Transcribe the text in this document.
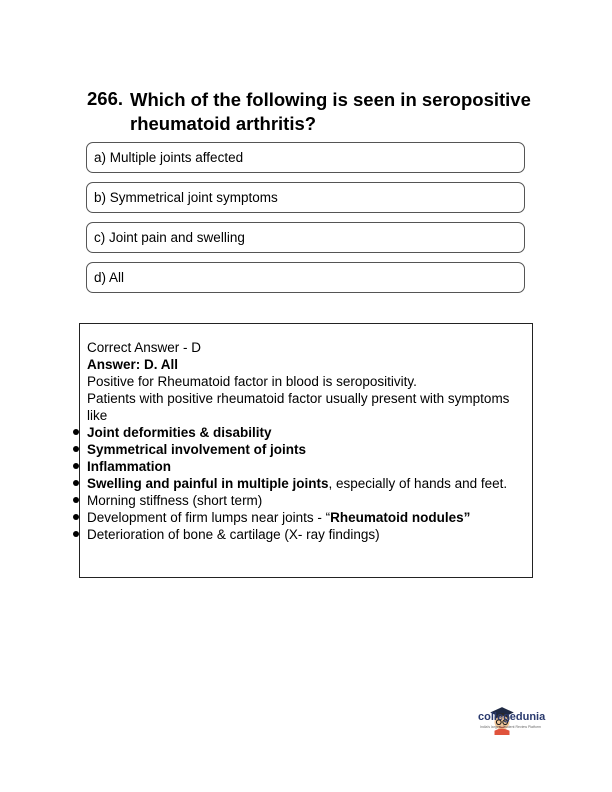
266. Which of the following is seen in seropositive rheumatoid arthritis?
a) Multiple joints affected
b) Symmetrical joint symptoms
c) Joint pain and swelling
d) All

Correct Answer - D

Answer: D. All

Positive for Rheumatoid factor in blood is seropositivity.

Patients with positive rheumatoid factor usually present with symptoms like

Joint deformities & disability
Symmetrical involvement of joints
Inflammation
Swelling and painful in multiple joints, especially of hands and feet.
Morning stiffness (short term)
Development of firm lumps near joints - “Rheumatoid nodules”
Deterioration of bone & cartilage (X- ray findings)
collegedunia
India's largest Student Review Platform
